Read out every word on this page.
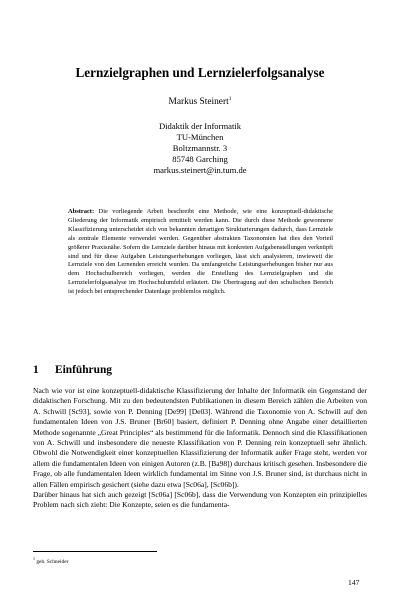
Lernzielgraphen und Lernzielerfolgsanalyse
Markus Steinert$^1$
Didaktik der Informatik
TU-München
Boltzmannstr. 3
85748 Garching
markus.steinert@in.tum.de
Abstract: Die vorliegende Arbeit beschreibt eine Methode, wie eine konzeptuell-didaktische Gliederung der Informatik empirisch ermittelt werden kann. Die durch diese Methode gewonnene Klassifizierung unterscheidet sich von bekannten derartigen Strukturierungen dadurch, dass Lernziele als zentrale Elemente verwendet werden. Gegenüber abstrakten Taxonomien hat dies den Vorteil größerer Praxisnähe. Sofern die Lernziele darüber hinaus mit konkreten Aufgabenstellungen verknüpft sind und für diese Aufgaben Leistungserhebungen vorliegen, lässt sich analysieren, inwieweit die Lernziele von den Lernenden erreicht wurden. Da umfangreiche Leistungserhebungen bisher nur aus dem Hochschulbereich vorliegen, werden die Erstellung des Lernzielgraphen und die Lernzielerfolgsanalyse im Hochschulumfeld erläutert. Die Übertragung auf den schulischen Bereich ist jedoch bei entsprechender Datenlage problemlos möglich.
1 Einführung

Nach wie vor ist eine konzeptuell-didaktische Klassifizierung der Inhalte der Informatik ein Gegenstand der didaktischen Forschung. Mit zu den bedeutendsten Publikationen in diesem Bereich zählen die Arbeiten von A. Schwill [Sc93], sowie von P. Denning [De99] [De03]. Während die Taxonomie von A. Schwill auf den fundamentalen Ideen von J.S. Bruner [Br60] basiert, definiert P. Denning ohne Angabe einer detaillierten Methode sogenannte „Great Principles“ als bestimmend für die Informatik. Dennoch sind die Klassifikationen von A. Schwill und insbesondere die neueste Klassifikation von P. Denning rein konzeptuell sehr ähnlich. Obwohl die Notwendigkeit einer konzeptuellen Klassifizierung der Informatik außer Frage steht, werden vor allem die fundamentalen Ideen von einigen Autoren (z.B. [Ba98]) durchaus kritisch gesehen. Insbesondere die Frage, ob alle fundamentalen Ideen wirklich fundamental im Sinne von J.S. Bruner sind, ist durchaus nicht in allen Fällen empirisch gesichert (siehe dazu etwa [Sc06a], [Sc06b]).

Darüber hinaus hat sich auch gezeigt [Sc06a] [Sc06b], dass die Verwendung von Konzepten ein prinzipielles Problem nach sich zieht: Die Konzepte, seien es die fundamenta-

$^1$ geb. Schneider
147
